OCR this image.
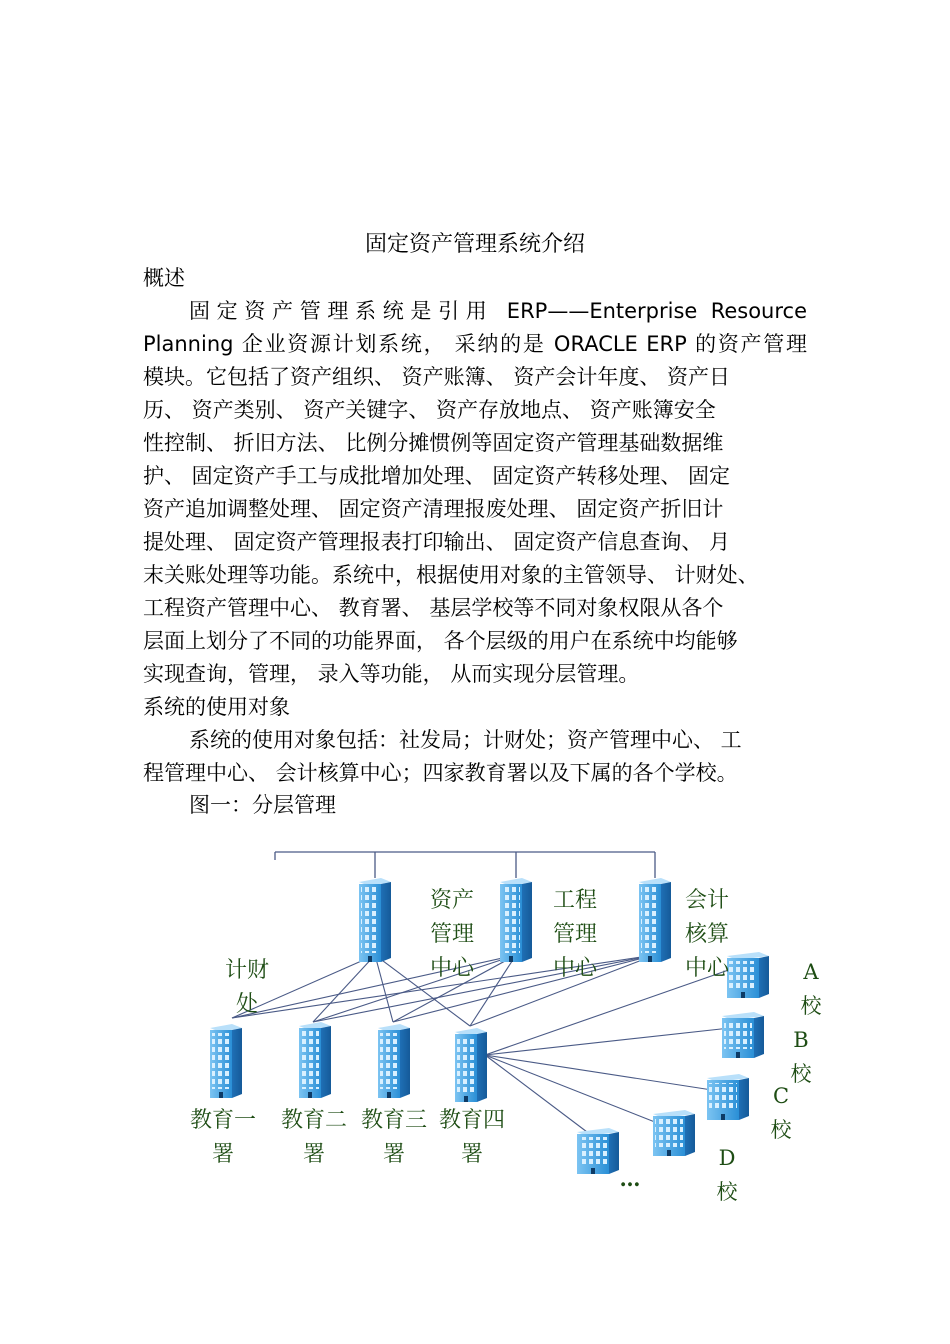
固定资产管理系统介绍
概述
固定资产管理系统是引用 ERP——Enterprise Resource
Planning 企业资源计划系统， 采纳的是 ORACLE ERP 的资产管理
模块。它包括了资产组织、 资产账簿、 资产会计年度、 资产日
历、 资产类别、 资产关键字、 资产存放地点、 资产账簿安全
性控制、 折旧方法、 比例分摊惯例等固定资产管理基础数据维
护、 固定资产手工与成批增加处理、 固定资产转移处理、 固定
资产追加调整处理、 固定资产清理报废处理、 固定资产折旧计
提处理、 固定资产管理报表打印输出、 固定资产信息查询、 月
末关账处理等功能。系统中，根据使用对象的主管领导、 计财处、
工程资产管理中心、 教育署、 基层学校等不同对象权限从各个
层面上划分了不同的功能界面， 各个层级的用户在系统中均能够
实现查询，管理， 录入等功能， 从而实现分层管理。
系统的使用对象
系统的使用对象包括：社发局；计财处；资产管理中心、 工
程管理中心、 会计核算中心；四家教育署以及下属的各个学校。
图一：分层管理
资产
管理
中心
工程
管理
中心
会计
核算
中心
计财
处
教育一
署
教育二
署
教育三
署
教育四
署
A
校
B
校
C
校
D
校
…
